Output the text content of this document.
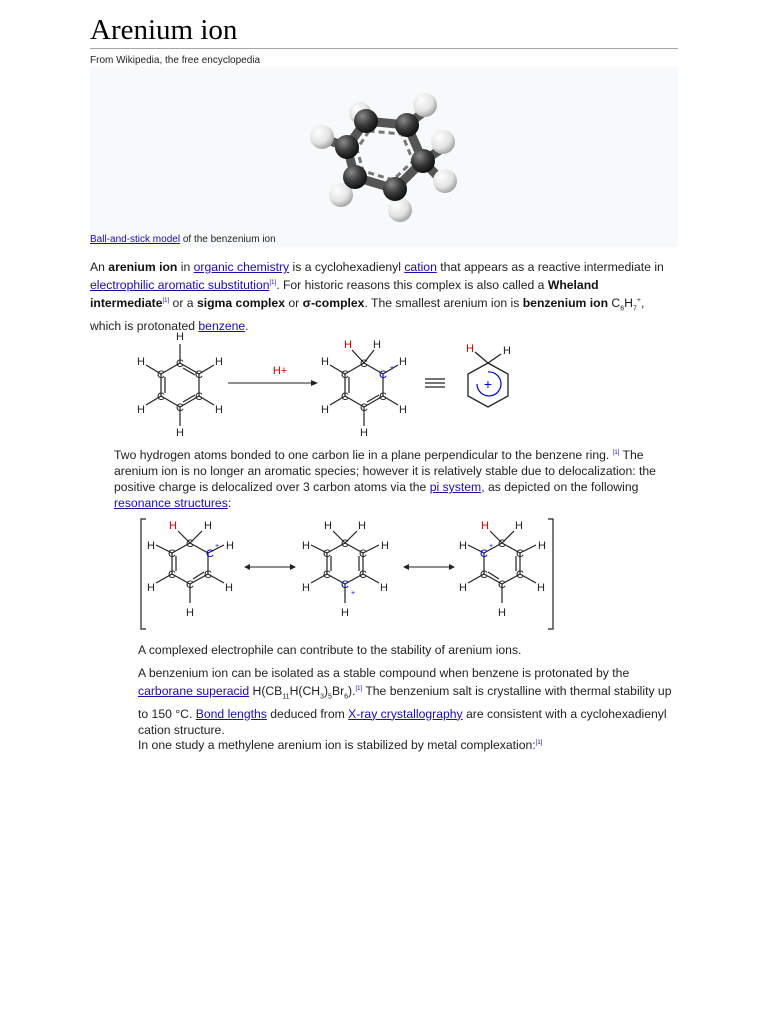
Arenium ion
From Wikipedia, the free encyclopedia
Ball-and-stick model of the benzenium ion

An arenium ion in organic chemistry is a cyclohexadienyl cation that appears as a reactive intermediate in electrophilic aromatic substitution[1]. For historic reasons this complex is also called a Wheland intermediate[1] or a sigma complex or σ-complex. The smallest arenium ion is benzenium ion $C_6H_7^+$, which is protonated benzene.

C
C
C
C
C
C
H
H
H
H
H
H
H+
C
C
C
C
C
H
H
H
H
H
H
H
C
+
+
H	H

Two hydrogen atoms bonded to one carbon lie in a plane perpendicular to the benzene ring. [1] The arenium ion is no longer an aromatic species; however it is relatively stable due to delocalization: the positive charge is delocalized over 3 carbon atoms via the pi system, as depicted on the following resonance structures:

C
C
C
C
C
H
H
H
H
H
H
H
C
+	C
C
C
C
C
H H
H
H
H
H
H
C
+
C
C
C
C
C
H
H
H
H
H
H
H
C
+

A complexed electrophile can contribute to the stability of arenium ions.

A benzenium ion can be isolated as a stable compound when benzene is protonated by the carborane superacid $H(CB_{11}H(CH_3)_5Br_6).[1]$ The benzenium salt is crystalline with thermal stability up to 150 °C. Bond lengths deduced from X-ray crystallography are consistent with a cyclohexadienyl cation structure.

In one study a methylene arenium ion is stabilized by metal complexation:[1]
